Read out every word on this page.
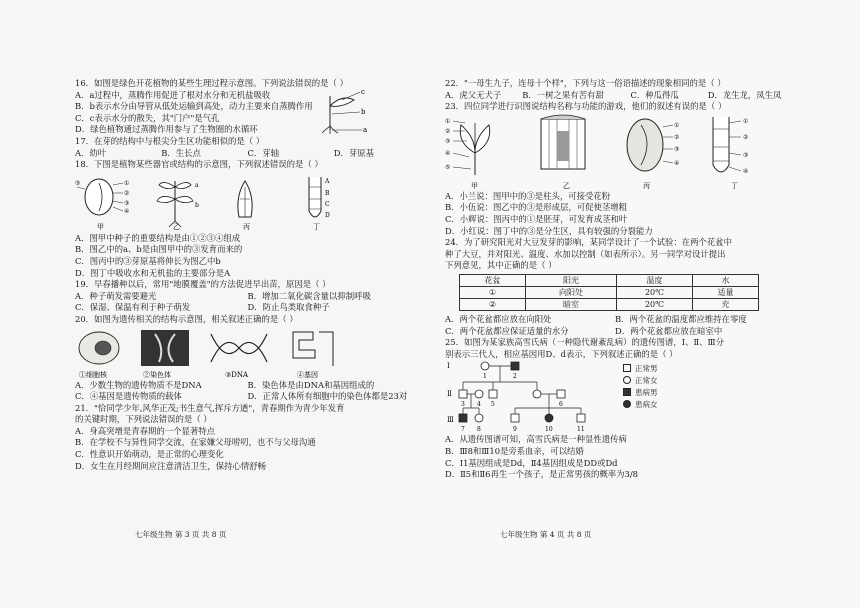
16．如图是绿色开花植物的某些生理过程示意图。下列说法错误的是（ ）

A．a过程中，蒸腾作用促进了根对水分和无机盐吸收

B．b表示水分由导管从低处运输到高处，动力主要来自蒸腾作用

C．c表示水分的散失，其"门户"是气孔

D．绿色植物通过蒸腾作用参与了生物圈的水循环

c
b
a

17．在芽的结构中与根尖分生区功能相似的是（ ）

A．幼叶	B．生长点	C．芽轴	D．芽原基

18．下图是植物某些器官或结构的示意图，下列叙述错误的是（ ）

①
②
③
④
⑤
甲
a
b
乙	丙
A
B
C
D
丁

A．图甲中种子的重要结构是由①②③④组成

B．图乙中的a、b是由图甲中的③发育而来的

C．图丙中的③芽原基将伸长为图乙中b

D．图丁中吸收水和无机盐的主要部分是A

19．早春播种以后，常用"地膜覆盖"的方法促进早出苗，原因是（ ）

A．种子萌发需要避光	B．增加二氧化碳含量以抑制呼吸
C．保湿、保温有利于种子萌发	D．防止鸟类取食种子

20．如图为遗传相关的结构示意图，相关叙述正确的是（ ）

①细胞核	②染色体	③DNA	④基因
A．少数生物的遗传物质不是DNA	B．染色体是由DNA和基因组成的
C．④基因是遗传物质的载体	D．正常人体所有细胞中的染色体都是23对

21．"恰同学少年,风华正茂;书生意气,挥斥方遒"，青春期作为青少年发育

的关键时期，下列说法错误的是（ ）

A．身高突增是青春期的一个显著特点

B．在学校不与异性同学交流，在家嫌父母唠叨，也不与父母沟通

C．性意识开始萌动，是正常的心理变化

D．女生在月经期间应注意清洁卫生，保持心情舒畅

七年级生物 第 3 页 共 8 页

22．"一母生九子，连母十个样"，下列与这一俗语描述的现象相同的是（ ）

A．虎父无犬子	B．一树之果有苦有甜	C．种瓜得瓜	D．龙生龙，凤生凤

23．四位同学进行识图说结构名称与功能的游戏，他们的叙述有误的是（ ）

①
②
③
④
⑤
甲	乙
①
②
③
④
丙
①
②
③
④
丁

A．小兰说：图甲中的③是柱头，可接受花粉

B．小伍说：图乙中的③是形成层，可促使茎增粗

C．小辉说：图丙中的①是胚芽，可发育成茎和叶

D．小红说：图丁中的③是分生区，具有较强的分裂能力

24．为了研究阳光对大豆发芽的影响，某同学设计了一个试验：在两个花盆中

种了大豆，并对阳光、温度、水加以控制（如表所示）。另一同学对设计提出

下列意见，其中正确的是（ ）

花盆	阳光	温度	水
①	向阳处	20℃	适量
②	暗室	20℃	充
A．两个花盆都应放在向阳处	B．两个花盆的温度都应维持在零度
C．两个花盆都应保证适量的水分	D．两个花盆都应放在暗室中

25．如图为某家族高雪氏病（一种隐代谢紊乱病）的遗传图谱，Ⅰ、Ⅱ、Ⅲ分

别表示三代人，相应基因用D、d表示，下列叙述正确的是（ ）

Ⅰ
Ⅱ
Ⅲ
1	2
3 4 5	6
7 8	9	10	11
正常男
正常女
患病男
患病女

A．从遗传图谱可知，高雪氏病是一种显性遗传病

B．Ⅲ8和Ⅲ10是旁系血亲，可以结婚

C．Ⅰ1基因组成是Dd，Ⅱ4基因组成是DD或Dd

D．Ⅱ5和Ⅱ6再生一个孩子，是正常男孩的概率为3/8

七年级生物 第 4 页 共 8 页
